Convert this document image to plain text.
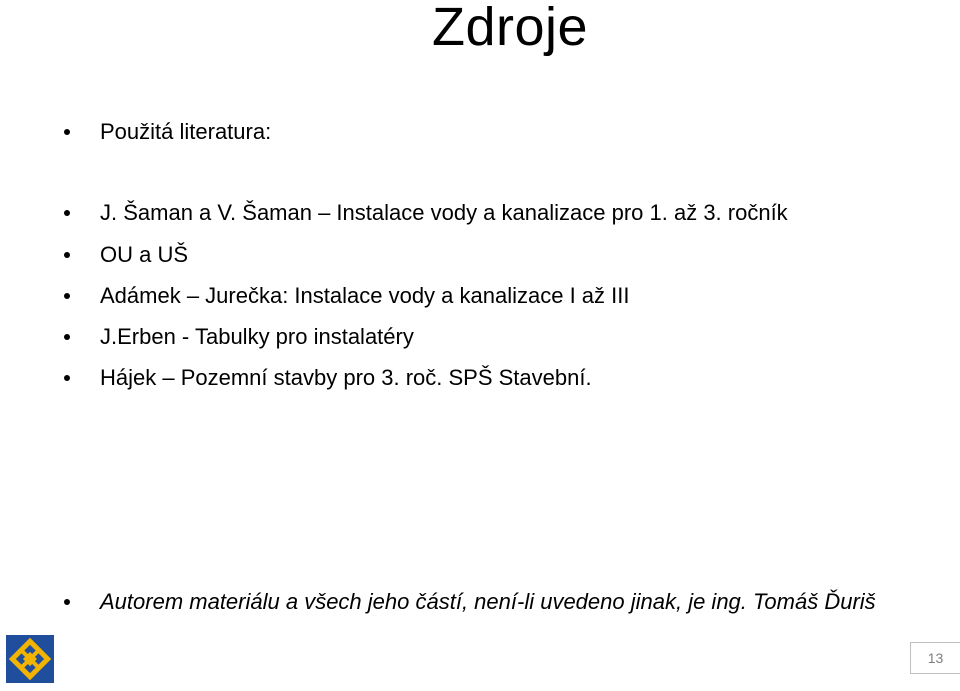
Zdroje
Použitá literatura:
J. Šaman a V. Šaman – Instalace vody a kanalizace pro 1. až 3. ročník
OU a UŠ
Adámek – Jurečka: Instalace vody a kanalizace I až III
J.Erben - Tabulky pro instalatéry
Hájek – Pozemní stavby pro 3. roč. SPŠ Stavební.
Autorem materiálu a všech jeho částí, není-li uvedeno jinak, je ing. Tomáš Ďuriš
13
